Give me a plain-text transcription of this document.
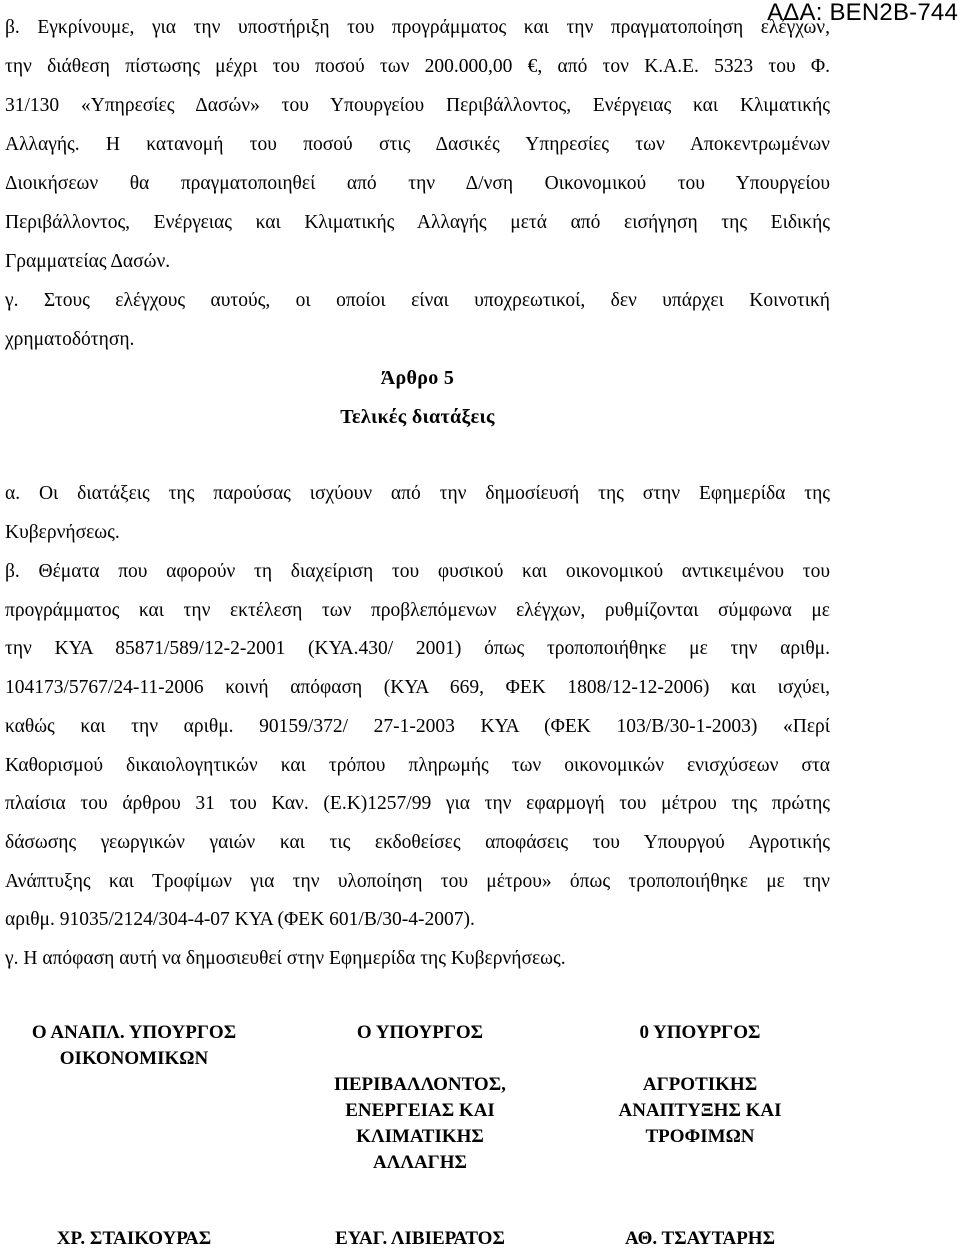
ΑΔΑ: ΒΕΝ2Β-744
β. Εγκρίνουμε, για την υποστήριξη του προγράμματος και την πραγματοποίηση ελέγχων,
την διάθεση πίστωσης μέχρι του ποσού των 200.000,00 €, από τον Κ.Α.Ε. 5323 του Φ.
31/130 «Υπηρεσίες Δασών» του Υπουργείου Περιβάλλοντος, Ενέργειας και Κλιματικής
Αλλαγής. Η κατανομή του ποσού στις Δασικές Υπηρεσίες των Αποκεντρωμένων
Διοικήσεων θα πραγματοποιηθεί από την Δ/νση Οικονομικού του Υπουργείου
Περιβάλλοντος, Ενέργειας και Κλιματικής Αλλαγής μετά από εισήγηση της Ειδικής
Γραμματείας Δασών.
γ. Στους ελέγχους αυτούς, οι οποίοι είναι υποχρεωτικοί, δεν υπάρχει Κοινοτική
χρηματοδότηση.
Άρθρο 5
Τελικές διατάξεις
α. Οι διατάξεις της παρούσας ισχύουν από την δημοσίευσή της στην Εφημερίδα της
Κυβερνήσεως.
β. Θέματα που αφορούν τη διαχείριση του φυσικού και οικονομικού αντικειμένου του
προγράμματος και την εκτέλεση των προβλεπόμενων ελέγχων, ρυθμίζονται σύμφωνα με
την ΚΥΑ 85871/589/12-2-2001 (ΚΥΑ.430/ 2001) όπως τροποποιήθηκε με την αριθμ.
104173/5767/24-11-2006 κοινή απόφαση (ΚΥΑ 669, ΦΕΚ 1808/12-12-2006) και ισχύει,
καθώς και την αριθμ. 90159/372/ 27-1-2003 ΚΥΑ (ΦΕΚ 103/Β/30-1-2003) «Περί
Καθορισμού δικαιολογητικών και τρόπου πληρωμής των οικονομικών ενισχύσεων στα
πλαίσια του άρθρου 31 του Καν. (Ε.Κ)1257/99 για την εφαρμογή του μέτρου της πρώτης
δάσωσης γεωργικών γαιών και τις εκδοθείσες αποφάσεις του Υπουργού Αγροτικής
Ανάπτυξης και Τροφίμων για την υλοποίηση του μέτρου» όπως τροποποιήθηκε με την
αριθμ. 91035/2124/304-4-07 ΚΥΑ (ΦΕΚ 601/Β/30-4-2007).
γ. Η απόφαση αυτή να δημοσιευθεί στην Εφημερίδα της Κυβερνήσεως.
Ο ΑΝΑΠΛ. ΥΠΟΥΡΓΟΣ
ΟΙΚΟΝΟΜΙΚΩΝ
ΧΡ. ΣΤΑΙΚΟΥΡΑΣ
Ο ΥΠΟΥΡΓΟΣ

ΠΕΡΙΒΑΛΛΟΝΤΟΣ,
ΕΝΕΡΓΕΙΑΣ ΚΑΙ
ΚΛΙΜΑΤΙΚΗΣ
ΑΛΛΑΓΗΣ
ΕΥΑΓ. ΛΙΒΙΕΡΑΤΟΣ
0 ΥΠΟΥΡΓΟΣ

ΑΓΡΟΤΙΚΗΣ
ΑΝΑΠΤΥΞΗΣ ΚΑΙ
ΤΡΟΦΙΜΩΝ
ΑΘ. ΤΣΑΥΤΑΡΗΣ
